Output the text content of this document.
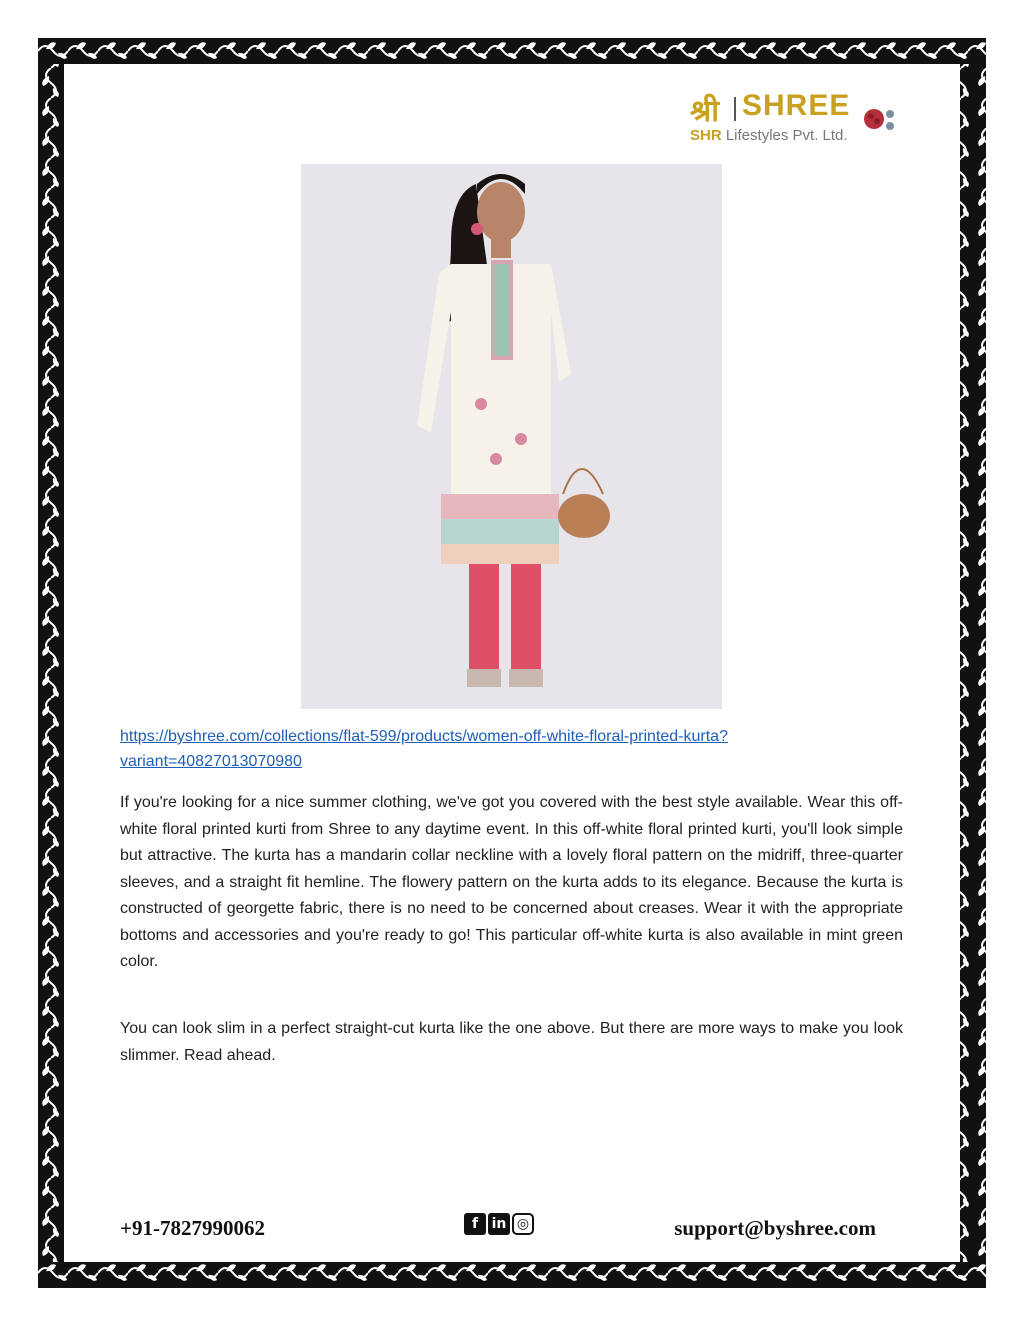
श्री SHREE
SHR Lifestyles Pvt. Ltd.
https://byshree.com/collections/flat-599/products/women-off-white-floral-printed-kurta?variant=40827013070980

If you're looking for a nice summer clothing, we've got you covered with the best style available. Wear this off-white floral printed kurti from Shree to any daytime event. In this off-white floral printed kurti, you'll look simple but attractive. The kurta has a mandarin collar neckline with a lovely floral pattern on the midriff, three-quarter sleeves, and a straight fit hemline. The flowery pattern on the kurta adds to its elegance. Because the kurta is constructed of georgette fabric, there is no need to be concerned about creases. Wear it with the appropriate bottoms and accessories and you're ready to go! This particular off-white kurta is also available in mint green color.

You can look slim in a perfect straight-cut kurta like the one above. But there are more ways to make you look slimmer. Read ahead.

+91-7827990062	f in ◎	support@byshree.com
